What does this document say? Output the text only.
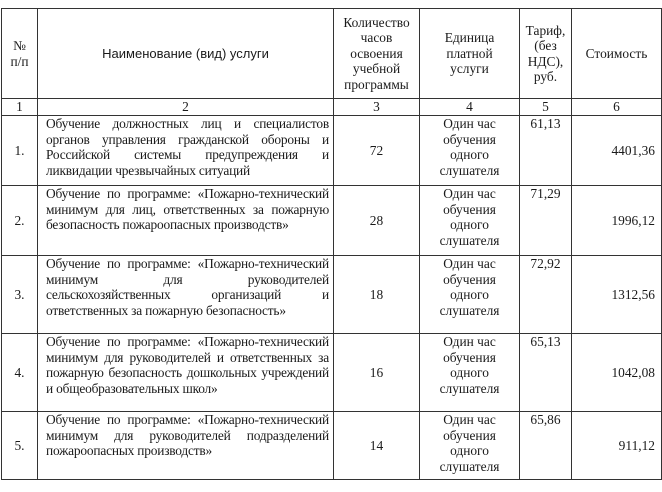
№
п/п	Наименование (вид) услуги	Количество
часов
освоения
учебной
программы	Единица
платной
услуги	Тариф,
(без
НДС),
руб.	Стоимость
1	2	3	4	5	6
1.	Обучение должностных лиц и специалистов органов управления гражданской обороны и Российской системы предупреждения и ликвидации чрезвычайных ситуаций	72	Один час
обучения
одного
слушателя	61,13	4401,36
2.	Обучение по программе: «Пожарно-технический минимум для лиц, ответственных за пожарную безопасность пожароопасных производств»	28	Один час
обучения
одного
слушателя	71,29	1996,12
3.	Обучение по программе: «Пожарно-технический минимум для руководителей сельскохозяйственных организаций и ответственных за пожарную безопасность»	18	Один час
обучения
одного
слушателя	72,92	1312,56
4.	Обучение по программе: «Пожарно-технический минимум для руководителей и ответственных за пожарную безопасность дошкольных учреждений и общеобразовательных школ»	16	Один час
обучения
одного
слушателя	65,13	1042,08
5.	Обучение по программе: «Пожарно-технический минимум для руководителей подразделений пожароопасных производств»	14	Один час
обучения
одного
слушателя	65,86	911,12
